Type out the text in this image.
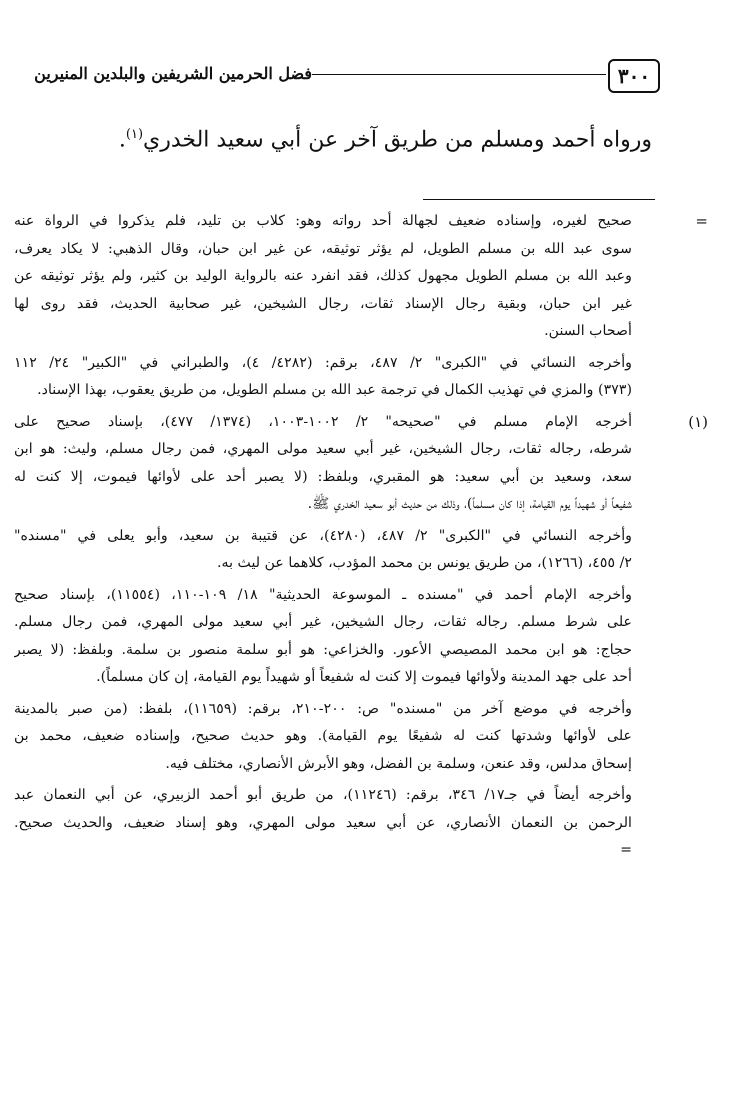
٣٠٠
فضل الحرمين الشريفين والبلدين المنيرين
ورواه أحمد ومسلم من طريق آخر عن أبي سعيد الخدري$^{(١)}$.
=
صحيح لغيره، وإسناده ضعيف لجهالة أحد رواته وهو: كلاب بن تليد، فلم يذكروا في الرواة عنه
سوى عبد الله بن مسلم الطويل، لم يؤثر توثيقه، عن غير ابن حبان، وقال الذهبي: لا يكاد يعرف،
وعبد الله بن مسلم الطويل مجهول كذلك، فقد انفرد عنه بالرواية الوليد بن كثير، ولم يؤثر توثيقه عن
غير ابن حبان، وبقية رجال الإسناد ثقات، رجال الشيخين، غير صحابية الحديث، فقد روى لها
أصحاب السنن.
وأخرجه النسائي في "الكبرى" ٢/ ٤٨٧، برقم: (٤٢٨٢/ ٤)، والطبراني في "الكبير" ٢٤/ ١١٢
(٣٧٣) والمزي في تهذيب الكمال في ترجمة عبد الله بن مسلم الطويل، من طريق يعقوب، بهذا الإسناد.
(١)
أخرجه الإمام مسلم في "صحيحه" ٢/ ١٠٠٢-١٠٠٣، (١٣٧٤/ ٤٧٧)، بإسناد صحيح على
شرطه، رجاله ثقات، رجال الشيخين، غير أبي سعيد مولى المهري، فمن رجال مسلم، وليث: هو ابن
سعد، وسعيد بن أبي سعيد: هو المقبري، وبلفظ: (لا يصبر أحد على لأوائها فيموت، إلا كنت له
شفيعاً أو شهيداً يوم القيامة، إذا كان مسلماً)، وذلك من حديث أبو سعيد الخدري ﷺ.
وأخرجه النسائي في "الكبرى" ٢/ ٤٨٧، (٤٢٨٠)، عن قتيبة بن سعيد، وأبو يعلى في "مسنده"
٢/ ٤٥٥، (١٢٦٦)، من طريق يونس بن محمد المؤدب، كلاهما عن ليث به.
وأخرجه الإمام أحمد في "مسنده ـ الموسوعة الحديثية" ١٨/ ١٠٩-١١٠، (١١٥٥٤)، بإسناد صحيح
على شرط مسلم. رجاله ثقات، رجال الشيخين، غير أبي سعيد مولى المهري، فمن رجال مسلم.
حجاج: هو ابن محمد المصيصي الأعور. والخزاعي: هو أبو سلمة منصور بن سلمة. وبلفظ: (لا يصبر
أحد على جهد المدينة ولأوائها فيموت إلا كنت له شفيعاً أو شهيداً يوم القيامة، إن كان مسلماً).
وأخرجه في موضع آخر من "مسنده" ص: ٢٠٠-٢١٠، برقم: (١١٦٥٩)، بلفظ: (من صبر بالمدينة
على لأوائها وشدتها كنت له شفيعًا يوم القيامة). وهو حديث صحيح، وإسناده ضعيف، محمد بن
إسحاق مدلس، وقد عنعن، وسلمة بن الفضل، وهو الأبرش الأنصاري، مختلف فيه.
وأخرجه أيضاً في جـ١٧/ ٣٤٦، برقم: (١١٢٤٦)، من طريق أبو أحمد الزبيري، عن أبي النعمان عبد
الرحمن بن النعمان الأنصاري، عن أبي سعيد مولى المهري، وهو إسناد ضعيف، والحديث صحيح.
=
